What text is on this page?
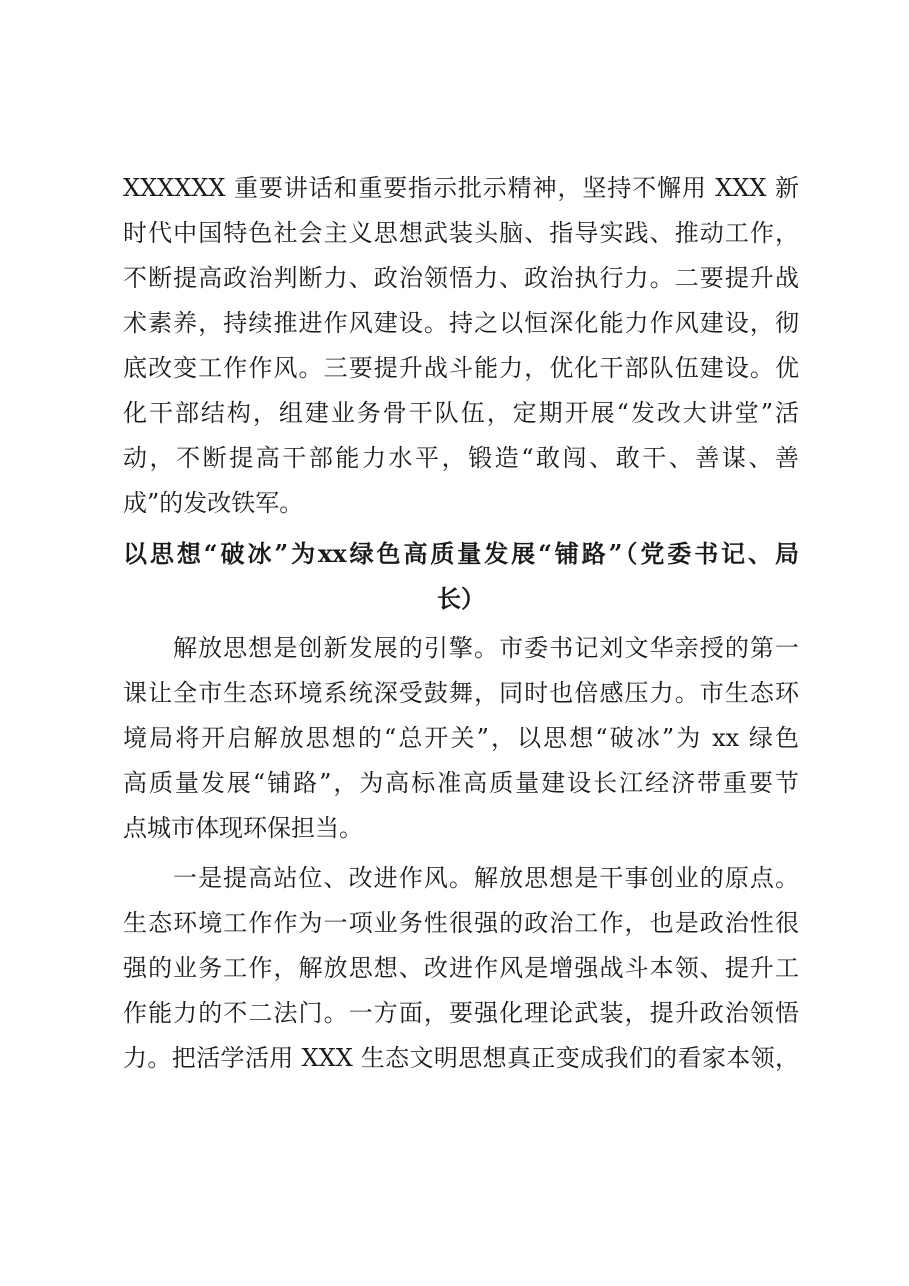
XXXXXX 重要讲话和重要指示批示精神，坚持不懈用 XXX 新
时代中国特色社会主义思想武装头脑、指导实践、推动工作，
不断提高政治判断力、政治领悟力、政治执行力。二要提升战
术素养，持续推进作风建设。持之以恒深化能力作风建设，彻
底改变工作作风。三要提升战斗能力，优化干部队伍建设。优
化干部结构，组建业务骨干队伍，定期开展“发改大讲堂”活
动，不断提高干部能力水平，锻造“敢闯、敢干、善谋、善
成”的发改铁军。
以思想“破冰”为xx绿色高质量发展“铺路”（党委书记、局
长）
解放思想是创新发展的引擎。市委书记刘文华亲授的第一
课让全市生态环境系统深受鼓舞，同时也倍感压力。市生态环
境局将开启解放思想的“总开关”，以思想“破冰”为 xx 绿色
高质量发展“铺路”，为高标准高质量建设长江经济带重要节
点城市体现环保担当。
一是提高站位、改进作风。解放思想是干事创业的原点。
生态环境工作作为一项业务性很强的政治工作，也是政治性很
强的业务工作，解放思想、改进作风是增强战斗本领、提升工
作能力的不二法门。一方面，要强化理论武装，提升政治领悟
力。把活学活用 XXX 生态文明思想真正变成我们的看家本领，
